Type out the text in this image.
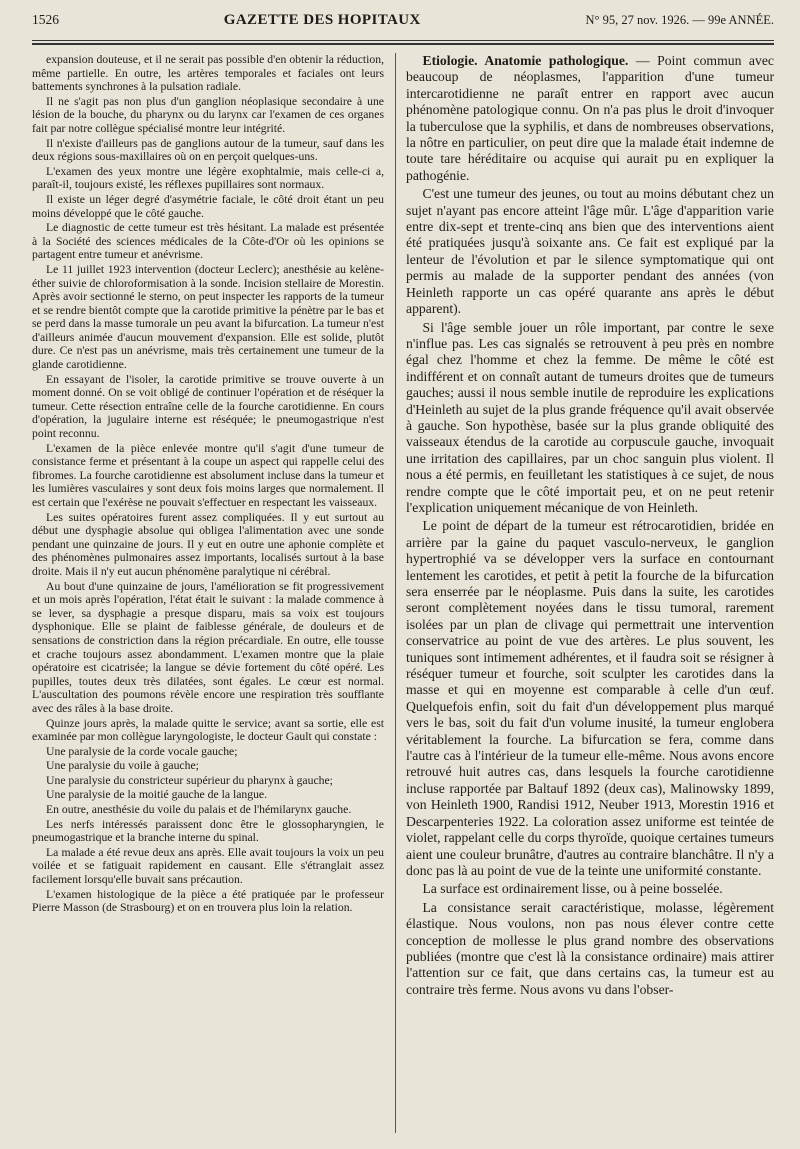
1526	GAZETTE DES HOPITAUX	N° 95, 27 nov. 1926. — 99e ANNÉE.

expansion douteuse, et il ne serait pas possible d'en obtenir la réduction, même partielle. En outre, les artères temporales et faciales ont leurs battements synchrones à la pulsation radiale.

Il ne s'agit pas non plus d'un ganglion néoplasique secondaire à une lésion de la bouche, du pharynx ou du larynx car l'examen de ces organes fait par notre collègue spécialisé montre leur intégrité.

Il n'existe d'ailleurs pas de ganglions autour de la tumeur, sauf dans les deux régions sous-maxillaires où on en perçoit quelques-uns.

L'examen des yeux montre une légère exophtalmie, mais celle-ci a, paraît-il, toujours existé, les réflexes pupillaires sont normaux.

Il existe un léger degré d'asymétrie faciale, le côté droit étant un peu moins développé que le côté gauche.

Le diagnostic de cette tumeur est très hésitant. La malade est présentée à la Société des sciences médicales de la Côte-d'Or où les opinions se partagent entre tumeur et anévrisme.

Le 11 juillet 1923 intervention (docteur Leclerc); anesthésie au kelène-éther suivie de chloroformisation à la sonde. Incision stellaire de Morestin. Après avoir sectionné le sterno, on peut inspecter les rapports de la tumeur et se rendre bientôt compte que la carotide primitive la pénètre par le bas et se perd dans la masse tumorale un peu avant la bifurcation. La tumeur n'est d'ailleurs animée d'aucun mouvement d'expansion. Elle est solide, plutôt dure. Ce n'est pas un anévrisme, mais très certainement une tumeur de la glande carotidienne.

En essayant de l'isoler, la carotide primitive se trouve ouverte à un moment donné. On se voit obligé de continuer l'opération et de réséquer la tumeur. Cette résection entraîne celle de la fourche carotidienne. En cours d'opération, la jugulaire interne est réséquée; le pneumogastrique n'est point reconnu.

L'examen de la pièce enlevée montre qu'il s'agit d'une tumeur de consistance ferme et présentant à la coupe un aspect qui rappelle celui des fibromes. La fourche carotidienne est absolument incluse dans la tumeur et les lumières vasculaires y sont deux fois moins larges que normalement. Il est certain que l'exérèse ne pouvait s'effectuer en respectant les vaisseaux.

Les suites opératoires furent assez compliquées. Il y eut surtout au début une dysphagie absolue qui obligea l'alimentation avec une sonde pendant une quinzaine de jours. Il y eut en outre une aphonie complète et des phénomènes pulmonaires assez importants, localisés surtout à la base droite. Mais il n'y eut aucun phénomène paralytique ni cérébral.

Au bout d'une quinzaine de jours, l'amélioration se fit progressivement et un mois après l'opération, l'état était le suivant : la malade commence à se lever, sa dysphagie a presque disparu, mais sa voix est toujours dysphonique. Elle se plaint de faiblesse générale, de douleurs et de sensations de constriction dans la région précardiale. En outre, elle tousse et crache toujours assez abondamment. L'examen montre que la plaie opératoire est cicatrisée; la langue se dévie fortement du côté opéré. Les pupilles, toutes deux très dilatées, sont égales. Le cœur est normal. L'auscultation des poumons révèle encore une respiration très soufflante avec des râles à la base droite.

Quinze jours après, la malade quitte le service; avant sa sortie, elle est examinée par mon collègue laryngologiste, le docteur Gault qui constate :

Une paralysie de la corde vocale gauche;

Une paralysie du voile à gauche;

Une paralysie du constricteur supérieur du pharynx à gauche;

Une paralysie de la moitié gauche de la langue.

En outre, anesthésie du voile du palais et de l'hémilarynx gauche.

Les nerfs intéressés paraissent donc être le glossopharyngien, le pneumogastrique et la branche interne du spinal.

La malade a été revue deux ans après. Elle avait toujours la voix un peu voilée et se fatiguait rapidement en causant. Elle s'étranglait assez facilement lorsqu'elle buvait sans précaution.

L'examen histologique de la pièce a été pratiquée par le professeur Pierre Masson (de Strasbourg) et on en trouvera plus loin la relation.

Etiologie. Anatomie pathologique. — Point commun avec beaucoup de néoplasmes, l'apparition d'une tumeur intercarotidienne ne paraît entrer en rapport avec aucun phénomène patologique connu. On n'a pas plus le droit d'invoquer la tuberculose que la syphilis, et dans de nombreuses observations, la nôtre en particulier, on peut dire que la malade était indemne de toute tare héréditaire ou acquise qui aurait pu en expliquer la pathogénie.

C'est une tumeur des jeunes, ou tout au moins débutant chez un sujet n'ayant pas encore atteint l'âge mûr. L'âge d'apparition varie entre dix-sept et trente-cinq ans bien que des interventions aient été pratiquées jusqu'à soixante ans. Ce fait est expliqué par la lenteur de l'évolution et par le silence symptomatique qui ont permis au malade de la supporter pendant des années (von Heinleth rapporte un cas opéré quarante ans après le début apparent).

Si l'âge semble jouer un rôle important, par contre le sexe n'influe pas. Les cas signalés se retrouvent à peu près en nombre égal chez l'homme et chez la femme. De même le côté est indifférent et on connaît autant de tumeurs droites que de tumeurs gauches; aussi il nous semble inutile de reproduire les explications d'Heinleth au sujet de la plus grande fréquence qu'il avait observée à gauche. Son hypothèse, basée sur la plus grande obliquité des vaisseaux étendus de la carotide au corpuscule gauche, invoquait une irritation des capillaires, par un choc sanguin plus violent. Il nous a été permis, en feuilletant les statistiques à ce sujet, de nous rendre compte que le côté importait peu, et on ne peut retenir l'explication uniquement mécanique de von Heinleth.

Le point de départ de la tumeur est rétrocarotidien, bridée en arrière par la gaine du paquet vasculo-nerveux, le ganglion hypertrophié va se développer vers la surface en contournant lentement les carotides, et petit à petit la fourche de la bifurcation sera enserrée par le néoplasme. Puis dans la suite, les carotides seront complètement noyées dans le tissu tumoral, rarement isolées par un plan de clivage qui permettrait une intervention conservatrice au point de vue des artères. Le plus souvent, les tuniques sont intimement adhérentes, et il faudra soit se résigner à réséquer tumeur et fourche, soit sculpter les carotides dans la masse et qui en moyenne est comparable à celle d'un œuf. Quelquefois enfin, soit du fait d'un développement plus marqué vers le bas, soit du fait d'un volume inusité, la tumeur englobera véritablement la fourche. La bifurcation se fera, comme dans l'autre cas à l'intérieur de la tumeur elle-même. Nous avons encore retrouvé huit autres cas, dans lesquels la fourche carotidienne incluse rapportée par Baltauf 1892 (deux cas), Malinowsky 1899, von Heinleth 1900, Randisi 1912, Neuber 1913, Morestin 1916 et Descarpenteries 1922. La coloration assez uniforme est teintée de violet, rappelant celle du corps thyroïde, quoique certaines tumeurs aient une couleur brunâtre, d'autres au contraire blanchâtre. Il n'y a donc pas là au point de vue de la teinte une uniformité constante.

La surface est ordinairement lisse, ou à peine bosselée.

La consistance serait caractéristique, molasse, légèrement élastique. Nous voulons, non pas nous élever contre cette conception de mollesse le plus grand nombre des observations publiées (montre que c'est là la consistance ordinaire) mais attirer l'attention sur ce fait, que dans certains cas, la tumeur est au contraire très ferme. Nous avons vu dans l'obser-
